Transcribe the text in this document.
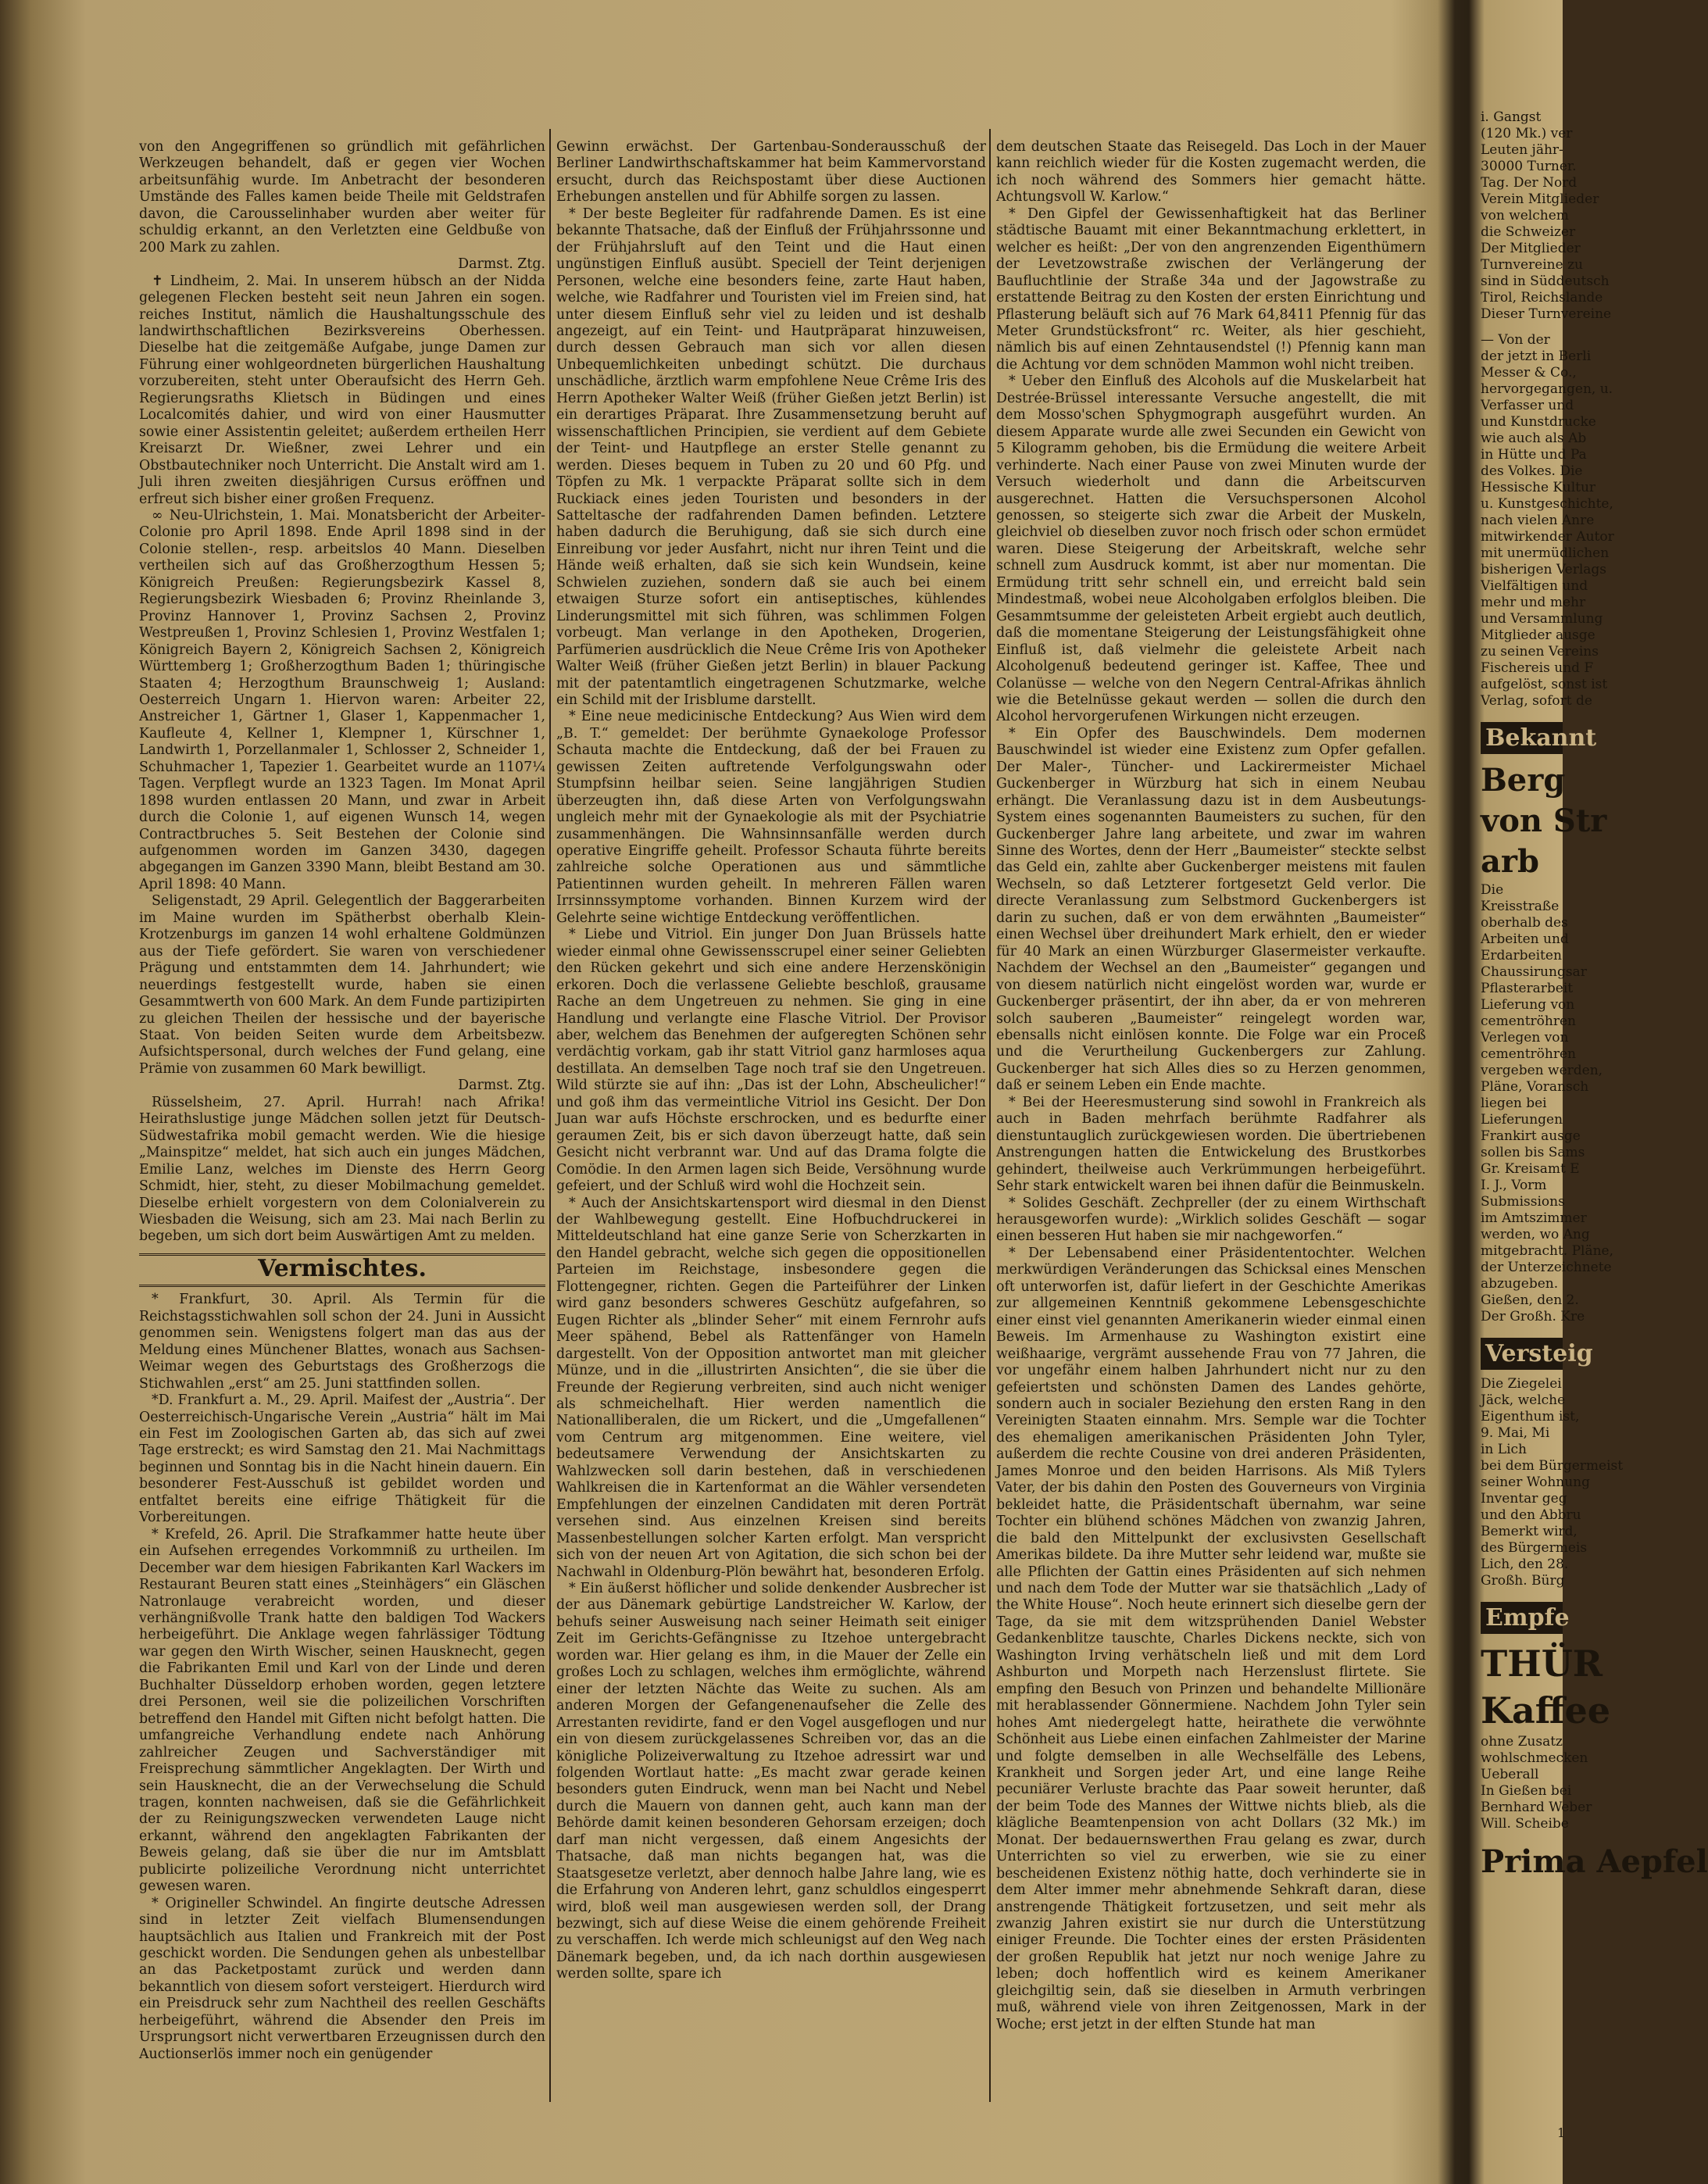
von den Angegriffenen so gründlich mit gefährlichen Werkzeugen behandelt, daß er gegen vier Wochen arbeitsunfähig wurde. Im Anbetracht der besonderen Umstände des Falles kamen beide Theile mit Geldstrafen davon, die Carousselinhaber wurden aber weiter für schuldig erkannt, an den Verletzten eine Geldbuße von 200 Mark zu zahlen.

Darmst. Ztg.

✝ Lindheim, 2. Mai. In unserem hübsch an der Nidda gelegenen Flecken besteht seit neun Jahren ein sogen. reiches Institut, nämlich die Haushaltungsschule des landwirthschaftlichen Bezirksvereins Oberhessen. Dieselbe hat die zeitgemäße Aufgabe, junge Damen zur Führung einer wohlgeordneten bürgerlichen Haushaltung vorzubereiten, steht unter Oberaufsicht des Herrn Geh. Regierungsraths Klietsch in Büdingen und eines Localcomités dahier, und wird von einer Hausmutter sowie einer Assistentin geleitet; außerdem ertheilen Herr Kreisarzt Dr. Wießner, zwei Lehrer und ein Obstbautechniker noch Unterricht. Die Anstalt wird am 1. Juli ihren zweiten diesjährigen Cursus eröffnen und erfreut sich bisher einer großen Frequenz.

∞ Neu-Ulrichstein, 1. Mai. Monatsbericht der Arbeiter-Colonie pro April 1898. Ende April 1898 sind in der Colonie stellen-, resp. arbeitslos 40 Mann. Dieselben vertheilen sich auf das Großherzogthum Hessen 5; Königreich Preußen: Regierungsbezirk Kassel 8, Regierungsbezirk Wiesbaden 6; Provinz Rheinlande 3, Provinz Hannover 1, Provinz Sachsen 2, Provinz Westpreußen 1, Provinz Schlesien 1, Provinz Westfalen 1; Königreich Bayern 2, Königreich Sachsen 2, Königreich Württemberg 1; Großherzogthum Baden 1; thüringische Staaten 4; Herzogthum Braunschweig 1; Ausland: Oesterreich Ungarn 1. Hiervon waren: Arbeiter 22, Anstreicher 1, Gärtner 1, Glaser 1, Kappenmacher 1, Kaufleute 4, Kellner 1, Klempner 1, Kürschner 1, Landwirth 1, Porzellanmaler 1, Schlosser 2, Schneider 1, Schuhmacher 1, Tapezier 1. Gearbeitet wurde an 1107¼ Tagen. Verpflegt wurde an 1323 Tagen. Im Monat April 1898 wurden entlassen 20 Mann, und zwar in Arbeit durch die Colonie 1, auf eigenen Wunsch 14, wegen Contractbruches 5. Seit Bestehen der Colonie sind aufgenommen worden im Ganzen 3430, dagegen abgegangen im Ganzen 3390 Mann, bleibt Bestand am 30. April 1898: 40 Mann.

Seligenstadt, 29 April. Gelegentlich der Baggerarbeiten im Maine wurden im Spätherbst oberhalb Klein-Krotzenburgs im ganzen 14 wohl erhaltene Goldmünzen aus der Tiefe gefördert. Sie waren von verschiedener Prägung und entstammten dem 14. Jahrhundert; wie neuerdings festgestellt wurde, haben sie einen Gesammtwerth von 600 Mark. An dem Funde partizipirten zu gleichen Theilen der hessische und der bayerische Staat. Von beiden Seiten wurde dem Arbeitsbezw. Aufsichtspersonal, durch welches der Fund gelang, eine Prämie von zusammen 60 Mark bewilligt.

Darmst. Ztg.

Rüsselsheim, 27. April. Hurrah! nach Afrika! Heirathslustige junge Mädchen sollen jetzt für Deutsch-Südwestafrika mobil gemacht werden. Wie die hiesige „Mainspitze“ meldet, hat sich auch ein junges Mädchen, Emilie Lanz, welches im Dienste des Herrn Georg Schmidt, hier, steht, zu dieser Mobilmachung gemeldet. Dieselbe erhielt vorgestern von dem Colonialverein zu Wiesbaden die Weisung, sich am 23. Mai nach Berlin zu begeben, um sich dort beim Auswärtigen Amt zu melden.

Vermischtes.

* Frankfurt, 30. April. Als Termin für die Reichstagsstichwahlen soll schon der 24. Juni in Aussicht genommen sein. Wenigstens folgert man das aus der Meldung eines Münchener Blattes, wonach aus Sachsen-Weimar wegen des Geburtstags des Großherzogs die Stichwahlen „erst“ am 25. Juni stattfinden sollen.

*D. Frankfurt a. M., 29. April. Maifest der „Austria“. Der Oesterreichisch-Ungarische Verein „Austria“ hält im Mai ein Fest im Zoologischen Garten ab, das sich auf zwei Tage erstreckt; es wird Samstag den 21. Mai Nachmittags beginnen und Sonntag bis in die Nacht hinein dauern. Ein besonderer Fest-Ausschuß ist gebildet worden und entfaltet bereits eine eifrige Thätigkeit für die Vorbereitungen.

* Krefeld, 26. April. Die Strafkammer hatte heute über ein Aufsehen erregendes Vorkommniß zu urtheilen. Im December war dem hiesigen Fabrikanten Karl Wackers im Restaurant Beuren statt eines „Steinhägers“ ein Gläschen Natronlauge verabreicht worden, und dieser verhängnißvolle Trank hatte den baldigen Tod Wackers herbeigeführt. Die Anklage wegen fahrlässiger Tödtung war gegen den Wirth Wischer, seinen Hausknecht, gegen die Fabrikanten Emil und Karl von der Linde und deren Buchhalter Düsseldorp erhoben worden, gegen letztere drei Personen, weil sie die polizeilichen Vorschriften betreffend den Handel mit Giften nicht befolgt hatten. Die umfangreiche Verhandlung endete nach Anhörung zahlreicher Zeugen und Sachverständiger mit Freisprechung sämmtlicher Angeklagten. Der Wirth und sein Hausknecht, die an der Verwechselung die Schuld tragen, konnten nachweisen, daß sie die Gefährlichkeit der zu Reinigungszwecken verwendeten Lauge nicht erkannt, während den angeklagten Fabrikanten der Beweis gelang, daß sie über die nur im Amtsblatt publicirte polizeiliche Verordnung nicht unterrichtet gewesen waren.

* Origineller Schwindel. An fingirte deutsche Adressen sind in letzter Zeit vielfach Blumensendungen hauptsächlich aus Italien und Frankreich mit der Post geschickt worden. Die Sendungen gehen als unbestellbar an das Packetpostamt zurück und werden dann bekanntlich von diesem sofort versteigert. Hierdurch wird ein Preisdruck sehr zum Nachtheil des reellen Geschäfts herbeigeführt, während die Absender den Preis im Ursprungsort nicht verwertbaren Erzeugnissen durch den Auctionserlös immer noch ein genügender

Gewinn erwächst. Der Gartenbau-Sonderausschuß der Berliner Landwirthschaftskammer hat beim Kammervorstand ersucht, durch das Reichspostamt über diese Auctionen Erhebungen anstellen und für Abhilfe sorgen zu lassen.

* Der beste Begleiter für radfahrende Damen. Es ist eine bekannte Thatsache, daß der Einfluß der Frühjahrssonne und der Frühjahrsluft auf den Teint und die Haut einen ungünstigen Einfluß ausübt. Speciell der Teint derjenigen Personen, welche eine besonders feine, zarte Haut haben, welche, wie Radfahrer und Touristen viel im Freien sind, hat unter diesem Einfluß sehr viel zu leiden und ist deshalb angezeigt, auf ein Teint- und Hautpräparat hinzuweisen, durch dessen Gebrauch man sich vor allen diesen Unbequemlichkeiten unbedingt schützt. Die durchaus unschädliche, ärztlich warm empfohlene Neue Crême Iris des Herrn Apotheker Walter Weiß (früher Gießen jetzt Berlin) ist ein derartiges Präparat. Ihre Zusammensetzung beruht auf wissenschaftlichen Principien, sie verdient auf dem Gebiete der Teint- und Hautpflege an erster Stelle genannt zu werden. Dieses bequem in Tuben zu 20 und 60 Pfg. und Töpfen zu Mk. 1 verpackte Präparat sollte sich in dem Ruckiack eines jeden Touristen und besonders in der Satteltasche der radfahrenden Damen befinden. Letztere haben dadurch die Beruhigung, daß sie sich durch eine Einreibung vor jeder Ausfahrt, nicht nur ihren Teint und die Hände weiß erhalten, daß sie sich kein Wundsein, keine Schwielen zuziehen, sondern daß sie auch bei einem etwaigen Sturze sofort ein antiseptisches, kühlendes Linderungsmittel mit sich führen, was schlimmen Folgen vorbeugt. Man verlange in den Apotheken, Drogerien, Parfümerien ausdrücklich die Neue Crême Iris von Apotheker Walter Weiß (früher Gießen jetzt Berlin) in blauer Packung mit der patentamtlich eingetragenen Schutzmarke, welche ein Schild mit der Irisblume darstellt.

* Eine neue medicinische Entdeckung? Aus Wien wird dem „B. T.“ gemeldet: Der berühmte Gynaekologe Professor Schauta machte die Entdeckung, daß der bei Frauen zu gewissen Zeiten auftretende Verfolgungswahn oder Stumpfsinn heilbar seien. Seine langjährigen Studien überzeugten ihn, daß diese Arten von Verfolgungswahn ungleich mehr mit der Gynaekologie als mit der Psychiatrie zusammenhängen. Die Wahnsinnsanfälle werden durch operative Eingriffe geheilt. Professor Schauta führte bereits zahlreiche solche Operationen aus und sämmtliche Patientinnen wurden geheilt. In mehreren Fällen waren Irrsinnssymptome vorhanden. Binnen Kurzem wird der Gelehrte seine wichtige Entdeckung veröffentlichen.

* Liebe und Vitriol. Ein junger Don Juan Brüssels hatte wieder einmal ohne Gewissensscrupel einer seiner Geliebten den Rücken gekehrt und sich eine andere Herzenskönigin erkoren. Doch die verlassene Geliebte beschloß, grausame Rache an dem Ungetreuen zu nehmen. Sie ging in eine Handlung und verlangte eine Flasche Vitriol. Der Provisor aber, welchem das Benehmen der aufgeregten Schönen sehr verdächtig vorkam, gab ihr statt Vitriol ganz harmloses aqua destillata. An demselben Tage noch traf sie den Ungetreuen. Wild stürzte sie auf ihn: „Das ist der Lohn, Abscheulicher!“ und goß ihm das vermeintliche Vitriol ins Gesicht. Der Don Juan war aufs Höchste erschrocken, und es bedurfte einer geraumen Zeit, bis er sich davon überzeugt hatte, daß sein Gesicht nicht verbrannt war. Und auf das Drama folgte die Comödie. In den Armen lagen sich Beide, Versöhnung wurde gefeiert, und der Schluß wird wohl die Hochzeit sein.

* Auch der Ansichtskartensport wird diesmal in den Dienst der Wahlbewegung gestellt. Eine Hofbuchdruckerei in Mitteldeutschland hat eine ganze Serie von Scherzkarten in den Handel gebracht, welche sich gegen die oppositionellen Parteien im Reichstage, insbesondere gegen die Flottengegner, richten. Gegen die Parteiführer der Linken wird ganz besonders schweres Geschütz aufgefahren, so Eugen Richter als „blinder Seher“ mit einem Fernrohr aufs Meer spähend, Bebel als Rattenfänger von Hameln dargestellt. Von der Opposition antwortet man mit gleicher Münze, und in die „illustrirten Ansichten“, die sie über die Freunde der Regierung verbreiten, sind auch nicht weniger als schmeichelhaft. Hier werden namentlich die Nationalliberalen, die um Rickert, und die „Umgefallenen“ vom Centrum arg mitgenommen. Eine weitere, viel bedeutsamere Verwendung der Ansichtskarten zu Wahlzwecken soll darin bestehen, daß in verschiedenen Wahlkreisen die in Kartenformat an die Wähler versendeten Empfehlungen der einzelnen Candidaten mit deren Porträt versehen sind. Aus einzelnen Kreisen sind bereits Massenbestellungen solcher Karten erfolgt. Man verspricht sich von der neuen Art von Agitation, die sich schon bei der Nachwahl in Oldenburg-Plön bewährt hat, besonderen Erfolg.

* Ein äußerst höflicher und solide denkender Ausbrecher ist der aus Dänemark gebürtige Landstreicher W. Karlow, der behufs seiner Ausweisung nach seiner Heimath seit einiger Zeit im Gerichts-Gefängnisse zu Itzehoe untergebracht worden war. Hier gelang es ihm, in die Mauer der Zelle ein großes Loch zu schlagen, welches ihm ermöglichte, während einer der letzten Nächte das Weite zu suchen. Als am anderen Morgen der Gefangenenaufseher die Zelle des Arrestanten revidirte, fand er den Vogel ausgeflogen und nur ein von diesem zurückgelassenes Schreiben vor, das an die königliche Polizeiverwaltung zu Itzehoe adressirt war und folgenden Wortlaut hatte: „Es macht zwar gerade keinen besonders guten Eindruck, wenn man bei Nacht und Nebel durch die Mauern von dannen geht, auch kann man der Behörde damit keinen besonderen Gehorsam erzeigen; doch darf man nicht vergessen, daß einem Angesichts der Thatsache, daß man nichts begangen hat, was die Staatsgesetze verletzt, aber dennoch halbe Jahre lang, wie es die Erfahrung von Anderen lehrt, ganz schuldlos eingesperrt wird, bloß weil man ausgewiesen werden soll, der Drang bezwingt, sich auf diese Weise die einem gehörende Freiheit zu verschaffen. Ich werde mich schleunigst auf den Weg nach Dänemark begeben, und, da ich nach dorthin ausgewiesen werden sollte, spare ich

dem deutschen Staate das Reisegeld. Das Loch in der Mauer kann reichlich wieder für die Kosten zugemacht werden, die ich noch während des Sommers hier gemacht hätte. Achtungsvoll W. Karlow.“

* Den Gipfel der Gewissenhaftigkeit hat das Berliner städtische Bauamt mit einer Bekanntmachung erklettert, in welcher es heißt: „Der von den angrenzenden Eigenthümern der Levetzowstraße zwischen der Verlängerung der Baufluchtlinie der Straße 34a und der Jagowstraße zu erstattende Beitrag zu den Kosten der ersten Einrichtung und Pflasterung beläuft sich auf 76 Mark 64,8411 Pfennig für das Meter Grundstücksfront“ rc. Weiter, als hier geschieht, nämlich bis auf einen Zehntausendstel (!) Pfennig kann man die Achtung vor dem schnöden Mammon wohl nicht treiben.

* Ueber den Einfluß des Alcohols auf die Muskelarbeit hat Destrée-Brüssel interessante Versuche angestellt, die mit dem Mosso'schen Sphygmograph ausgeführt wurden. An diesem Apparate wurde alle zwei Secunden ein Gewicht von 5 Kilogramm gehoben, bis die Ermüdung die weitere Arbeit verhinderte. Nach einer Pause von zwei Minuten wurde der Versuch wiederholt und dann die Arbeitscurven ausgerechnet. Hatten die Versuchspersonen Alcohol genossen, so steigerte sich zwar die Arbeit der Muskeln, gleichviel ob dieselben zuvor noch frisch oder schon ermüdet waren. Diese Steigerung der Arbeitskraft, welche sehr schnell zum Ausdruck kommt, ist aber nur momentan. Die Ermüdung tritt sehr schnell ein, und erreicht bald sein Mindestmaß, wobei neue Alcoholgaben erfolglos bleiben. Die Gesammtsumme der geleisteten Arbeit ergiebt auch deutlich, daß die momentane Steigerung der Leistungsfähigkeit ohne Einfluß ist, daß vielmehr die geleistete Arbeit nach Alcoholgenuß bedeutend geringer ist. Kaffee, Thee und Colanüsse — welche von den Negern Central-Afrikas ähnlich wie die Betelnüsse gekaut werden — sollen die durch den Alcohol hervorgerufenen Wirkungen nicht erzeugen.

* Ein Opfer des Bauschwindels. Dem modernen Bauschwindel ist wieder eine Existenz zum Opfer gefallen. Der Maler-, Tüncher- und Lackirermeister Michael Guckenberger in Würzburg hat sich in einem Neubau erhängt. Die Veranlassung dazu ist in dem Ausbeutungs-System eines sogenannten Baumeisters zu suchen, für den Guckenberger Jahre lang arbeitete, und zwar im wahren Sinne des Wortes, denn der Herr „Baumeister“ steckte selbst das Geld ein, zahlte aber Guckenberger meistens mit faulen Wechseln, so daß Letzterer fortgesetzt Geld verlor. Die directe Veranlassung zum Selbstmord Guckenbergers ist darin zu suchen, daß er von dem erwähnten „Baumeister“ einen Wechsel über dreihundert Mark erhielt, den er wieder für 40 Mark an einen Würzburger Glasermeister verkaufte. Nachdem der Wechsel an den „Baumeister“ gegangen und von diesem natürlich nicht eingelöst worden war, wurde er Guckenberger präsentirt, der ihn aber, da er von mehreren solch sauberen „Baumeister“ reingelegt worden war, ebensalls nicht einlösen konnte. Die Folge war ein Proceß und die Verurtheilung Guckenbergers zur Zahlung. Guckenberger hat sich Alles dies so zu Herzen genommen, daß er seinem Leben ein Ende machte.

* Bei der Heeresmusterung sind sowohl in Frankreich als auch in Baden mehrfach berühmte Radfahrer als dienstuntauglich zurückgewiesen worden. Die übertriebenen Anstrengungen hatten die Entwickelung des Brustkorbes gehindert, theilweise auch Verkrümmungen herbeigeführt. Sehr stark entwickelt waren bei ihnen dafür die Beinmuskeln.

* Solides Geschäft. Zechpreller (der zu einem Wirthschaft herausgeworfen wurde): „Wirklich solides Geschäft — sogar einen besseren Hut haben sie mir nachgeworfen.“

* Der Lebensabend einer Präsidententochter. Welchen merkwürdigen Veränderungen das Schicksal eines Menschen oft unterworfen ist, dafür liefert in der Geschichte Amerikas zur allgemeinen Kenntniß gekommene Lebensgeschichte einer einst viel genannten Amerikanerin wieder einmal einen Beweis. Im Armenhause zu Washington existirt eine weißhaarige, vergrämt aussehende Frau von 77 Jahren, die vor ungefähr einem halben Jahrhundert nicht nur zu den gefeiertsten und schönsten Damen des Landes gehörte, sondern auch in socialer Beziehung den ersten Rang in den Vereinigten Staaten einnahm. Mrs. Semple war die Tochter des ehemaligen amerikanischen Präsidenten John Tyler, außerdem die rechte Cousine von drei anderen Präsidenten, James Monroe und den beiden Harrisons. Als Miß Tylers Vater, der bis dahin den Posten des Gouverneurs von Virginia bekleidet hatte, die Präsidentschaft übernahm, war seine Tochter ein blühend schönes Mädchen von zwanzig Jahren, die bald den Mittelpunkt der exclusivsten Gesellschaft Amerikas bildete. Da ihre Mutter sehr leidend war, mußte sie alle Pflichten der Gattin eines Präsidenten auf sich nehmen und nach dem Tode der Mutter war sie thatsächlich „Lady of the White House“. Noch heute erinnert sich dieselbe gern der Tage, da sie mit dem witzsprühenden Daniel Webster Gedankenblitze tauschte, Charles Dickens neckte, sich von Washington Irving verhätscheln ließ und mit dem Lord Ashburton und Morpeth nach Herzenslust flirtete. Sie empfing den Besuch von Prinzen und behandelte Millionäre mit herablassender Gönnermiene. Nachdem John Tyler sein hohes Amt niedergelegt hatte, heirathete die verwöhnte Schönheit aus Liebe einen einfachen Zahlmeister der Marine und folgte demselben in alle Wechselfälle des Lebens, Krankheit und Sorgen jeder Art, und eine lange Reihe pecuniärer Verluste brachte das Paar soweit herunter, daß der beim Tode des Mannes der Wittwe nichts blieb, als die klägliche Beamtenpension von acht Dollars (32 Mk.) im Monat. Der bedauernswerthen Frau gelang es zwar, durch Unterrichten so viel zu erwerben, wie sie zu einer bescheidenen Existenz nöthig hatte, doch verhinderte sie in dem Alter immer mehr abnehmende Sehkraft daran, diese anstrengende Thätigkeit fortzusetzen, und seit mehr als zwanzig Jahren existirt sie nur durch die Unterstützung einiger Freunde. Die Tochter eines der ersten Präsidenten der großen Republik hat jetzt nur noch wenige Jahre zu leben; doch hoffentlich wird es keinem Amerikaner gleichgiltig sein, daß sie dieselben in Armuth verbringen muß, während viele von ihren Zeitgenossen, Mark in der Woche; erst jetzt in der elften Stunde hat man

i. Gangst

(120 Mk.) ver

Leuten jähr-

30000 Turner.

Tag. Der Nord

Verein Mitglieder

von welchem

die Schweizer

Der Mitglieder

Turnvereine zu

sind in Süddeutsch

Tirol, Reichslande

Dieser Turnvereine

— Von der

der jetzt in Berli

Messer & Co.,

hervorgegangen, u.

Verfasser und

und Kunstdrucke

wie auch als Ab

in Hütte und Pa

des Volkes. Die

Hessische Kultur

u. Kunstgeschichte,

nach vielen Anre

mitwirkender Autor

mit unermüdlichen

bisherigen Verlags

Vielfältigen und

mehr und mehr

und Versammlung

Mitglieder ausge

zu seinen Vereins

Fischereis und F

aufgelöst, sonst ist

Verlag, sofort de

Bekannt

Berg

von Str

arb

Die

Kreisstraße

oberhalb des

Arbeiten und

Erdarbeiten

Chaussirungsar

Pflasterarbeit

Lieferung von

cementröhren

Verlegen von

cementröhren

vergeben werden,

Pläne, Voransch

liegen bei

Lieferungen

Frankirt ausge

sollen bis Sams

Gr. Kreisamt E

I. J., Vorm

Submissions

im Amtszimmer

werden, wo Ang

mitgebracht. Pläne,

der Unterzeichnete

abzugeben.

Gießen, den 2.

Der Großh. Kre

Versteig

Die Ziegelei

Jäck, welche

Eigenthum ist,

9. Mai, Mi

in Lich

bei dem Bürgermeist

seiner Wohnung

Inventar geg

und den Abbru

Bemerkt wird,

des Bürgermeis

Lich, den 28.

Großh. Bürg

Empfe

THÜR

Kaffee

ohne Zusatz

wohlschmecken

Ueberall

In Gießen bei

Bernhard Weber

Will. Scheibe

Prima Aepfel

1
